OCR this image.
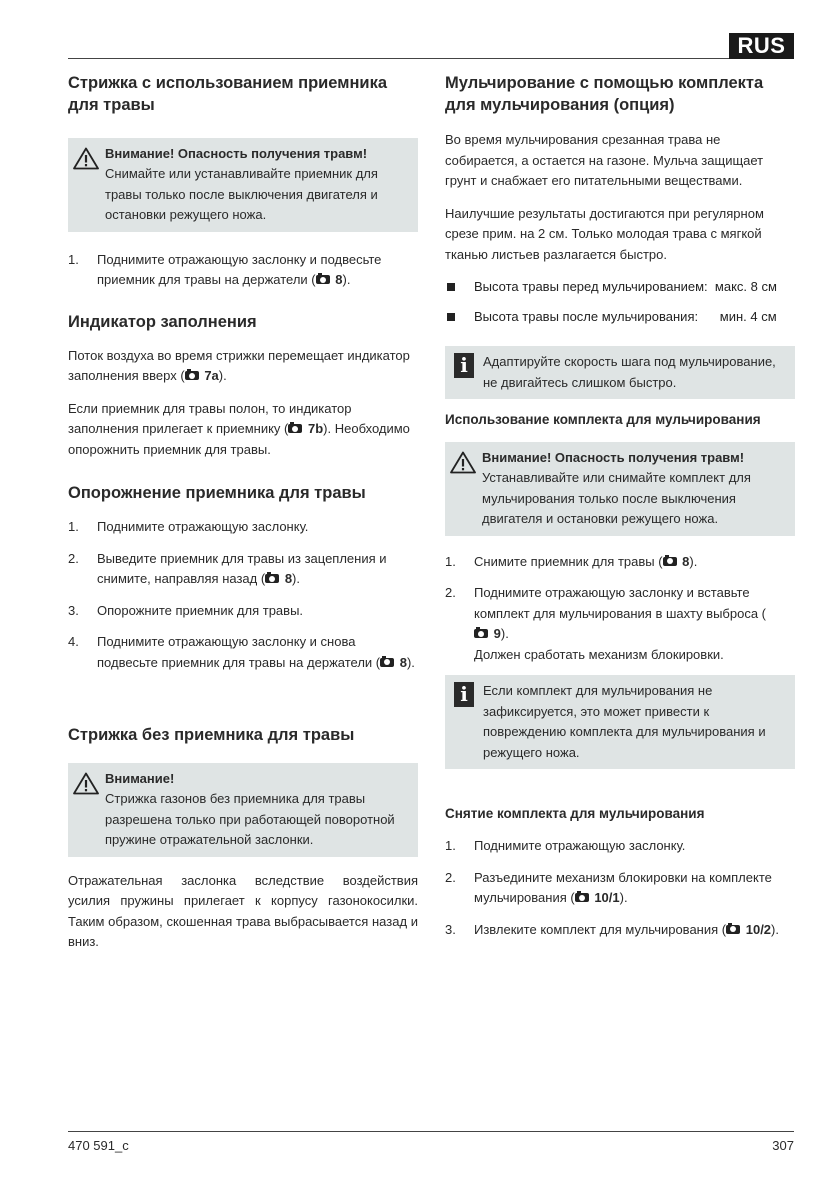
RUS
Стрижка с использованием приемника для травы
Внимание! Опасность получения травм!
Снимайте или устанавливайте приемник для травы только после выключения двигателя и остановки режущего ножа.
1. Поднимите отражающую заслонку и подвесьте приемник для травы на держатели ( 8).
Индикатор заполнения

Поток воздуха во время стрижки перемещает индикатор заполнения вверх ( 7a).

Если приемник для травы полон, то индикатор заполнения прилегает к приемнику ( 7b). Необходимо опорожнить приемник для травы.

Опорожнение приемника для травы
1. Поднимите отражающую заслонку.
2. Выведите приемник для травы из зацепления и снимите, направляя назад ( 8).
3. Опорожните приемник для травы.
4. Поднимите отражающую заслонку и снова подвесьте приемник для травы на держатели ( 8).
Стрижка без приемника для травы
Внимание!
Стрижка газонов без приемника для травы разрешена только при работающей поворотной пружине отражательной заслонки.

Отражательная заслонка вследствие воздействия усилия пружины прилегает к корпусу газонокосилки. Таким образом, скошенная трава выбрасывается назад и вниз.

Мульчирование с помощью комплекта для мульчирования (опция)

Во время мульчирования срезанная трава не собирается, а остается на газоне. Мульча защищает грунт и снабжает его питательными веществами.

Наилучшие результаты достигаются при регулярном срезе прим. на 2 см. Только молодая трава с мягкой тканью листьев разлагается быстро.

Высота травы перед мульчированием: макс. 8 см
Высота травы после мульчирования: мин. 4 см
i	Адаптируйте скорость шага под мульчирование, не двигайтесь слишком быстро.
Использование комплекта для мульчирования
Внимание! Опасность получения травм!
Устанавливайте или снимайте комплект для мульчирования только после выключения двигателя и остановки режущего ножа.
1. Снимите приемник для травы ( 8).
2. Поднимите отражающую заслонку и вставьте комплект для мульчирования в шахту выброса ( 9).
Должен сработать механизм блокировки.
i	Если комплект для мульчирования не зафиксируется, это может привести к повреждению комплекта для мульчирования и режущего ножа.
Снятие комплекта для мульчирования
1. Поднимите отражающую заслонку.
2. Разъедините механизм блокировки на комплекте мульчирования ( 10/1).
3. Извлеките комплект для мульчирования ( 10/2).
470 591_c	307
